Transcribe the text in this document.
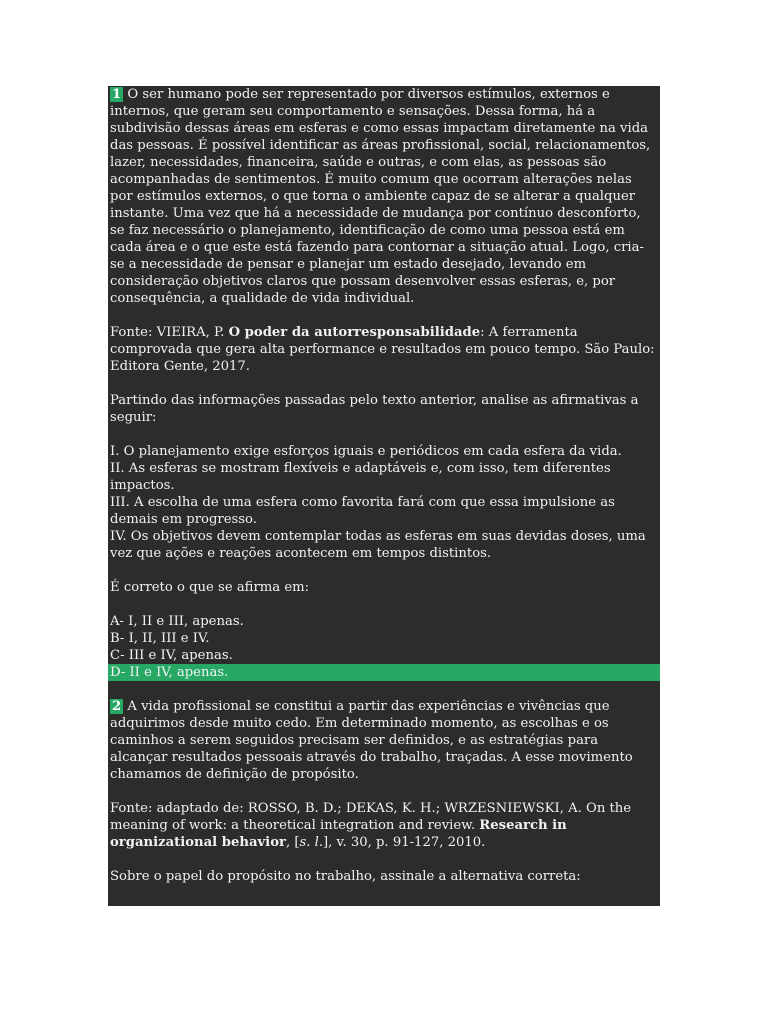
1 O ser humano pode ser representado por diversos estímulos, externos e internos, que geram seu comportamento e sensações. Dessa forma, há a subdivisão dessas áreas em esferas e como essas impactam diretamente na vida das pessoas. É possível identificar as áreas profissional, social, relacionamentos, lazer, necessidades, financeira, saúde e outras, e com elas, as pessoas são acompanhadas de sentimentos. É muito comum que ocorram alterações nelas por estímulos externos, o que torna o ambiente capaz de se alterar a qualquer instante. Uma vez que há a necessidade de mudança por contínuo desconforto, se faz necessário o planejamento, identificação de como uma pessoa está em cada área e o que este está fazendo para contornar a situação atual. Logo, cria-se a necessidade de pensar e planejar um estado desejado, levando em consideração objetivos claros que possam desenvolver essas esferas, e, por consequência, a qualidade de vida individual.

Fonte: VIEIRA, P. O poder da autorresponsabilidade: A ferramenta comprovada que gera alta performance e resultados em pouco tempo. São Paulo: Editora Gente, 2017.

Partindo das informações passadas pelo texto anterior, analise as afirmativas a seguir:

I. O planejamento exige esforços iguais e periódicos em cada esfera da vida.

II. As esferas se mostram flexíveis e adaptáveis e, com isso, tem diferentes impactos.

III. A escolha de uma esfera como favorita fará com que essa impulsione as demais em progresso.

IV. Os objetivos devem contemplar todas as esferas em suas devidas doses, uma vez que ações e reações acontecem em tempos distintos.

É correto o que se afirma em:

A- I, II e III, apenas.

B- I, II, III e IV.

C- III e IV, apenas.

D- II e IV, apenas.

2 A vida profissional se constitui a partir das experiências e vivências que adquirimos desde muito cedo. Em determinado momento, as escolhas e os caminhos a serem seguidos precisam ser definidos, e as estratégias para alcançar resultados pessoais através do trabalho, traçadas. A esse movimento chamamos de definição de propósito.

Fonte: adaptado de: ROSSO, B. D.; DEKAS, K. H.; WRZESNIEWSKI, A. On the meaning of work: a theoretical integration and review. Research in organizational behavior, [s. l.], v. 30, p. 91-127, 2010.

Sobre o papel do propósito no trabalho, assinale a alternativa correta:
